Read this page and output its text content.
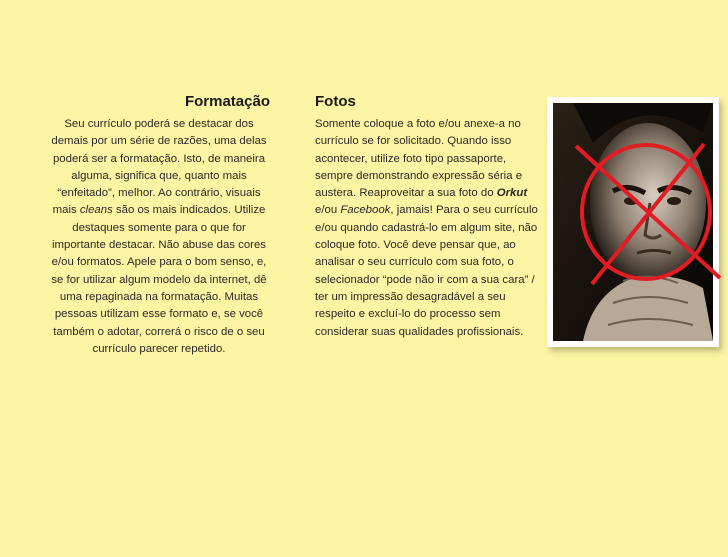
Formatação

Seu currículo poderá se destacar dos demais por um série de razões, uma delas poderá ser a formatação. Isto, de maneira alguma, significa que, quanto mais “enfeitado”, melhor. Ao contrário, visuais mais cleans são os mais indicados. Utilize destaques somente para o que for importante destacar. Não abuse das cores e/ou formatos. Apele para o bom senso, e, se for utilizar algum modelo da internet, dê uma repaginada na formatação. Muitas pessoas utilizam esse formato e, se você também o adotar, correrá o risco de o seu currículo parecer repetido.

Fotos

Somente coloque a foto e/ou anexe-a no currículo se for solicitado. Quando isso acontecer, utilize foto tipo passaporte, sempre demonstrando expressão séria e austera. Reaproveitar a sua foto do Orkut e/ou Facebook, jamais! Para o seu currículo e/ou quando cadastrá-lo em algum site, não coloque foto. Você deve pensar que, ao analisar o seu currículo com sua foto, o selecionador “pode não ir com a sua cara” / ter um impressão desagradável a seu respeito e excluí-lo do processo sem considerar suas qualidades profissionais.
